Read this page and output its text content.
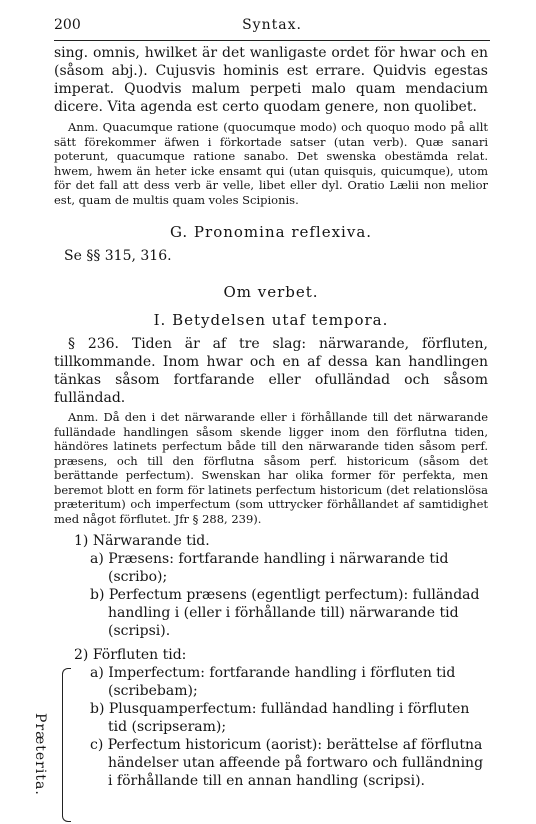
200	Syntax.

sing. omnis, hwilket är det wanligaste ordet för hwar och en (såsom abj.). Cujusvis hominis est errare. Quidvis egestas imperat. Quodvis malum perpeti malo quam mendacium dicere. Vita agenda est certo quodam genere, non quolibet.

Anm. Quacumque ratione (quocumque modo) och quoquo modo på allt sätt förekommer äfwen i förkortade satser (utan verb). Quæ sanari poterunt, quacumque ratione sanabo. Det swenska obestämda relat. hwem, hwem än heter icke ensamt qui (utan quisquis, quicumque), utom för det fall att dess verb är velle, libet eller dyl. Oratio Lælii non melior est, quam de multis quam voles Scipionis.

G. Pronomina reflexiva.

Se §§ 315, 316.

Om verbet.

I. Betydelsen utaf tempora.

§ 236. Tiden är af tre slag: närwarande, förfluten, tillkommande. Inom hwar och en af dessa kan handlingen tänkas såsom fortfarande eller ofulländad och såsom fulländad.

Anm. Då den i det närwarande eller i förhållande till det närwarande fulländade handlingen såsom skende ligger inom den förflutna tiden, händöres latinets perfectum både till den närwarande tiden såsom perf. præsens, och till den förflutna såsom perf. historicum (såsom det berättande perfectum). Swenskan har olika former för perfekta, men beremot blott en form för latinets perfectum historicum (det relationslösa præteritum) och imperfectum (som uttrycker förhållandet af samtidighet med något förflutet. Jfr § 288, 239).

1) Närwarande tid.

a) Præsens: fortfarande handling i närwarande tid (scribo);

b) Perfectum præsens (egentligt perfectum): fulländad handling i (eller i förhållande till) närwarande tid (scripsi).

2) Förfluten tid:

Præterita.

a) Imperfectum: fortfarande handling i förfluten tid (scribebam);

b) Plusquamperfectum: fulländad handling i förfluten tid (scripseram);

c) Perfectum historicum (aorist): berättelse af förflutna händelser utan affeende på fortwaro och fulländning i förhållande till en annan handling (scripsi).
